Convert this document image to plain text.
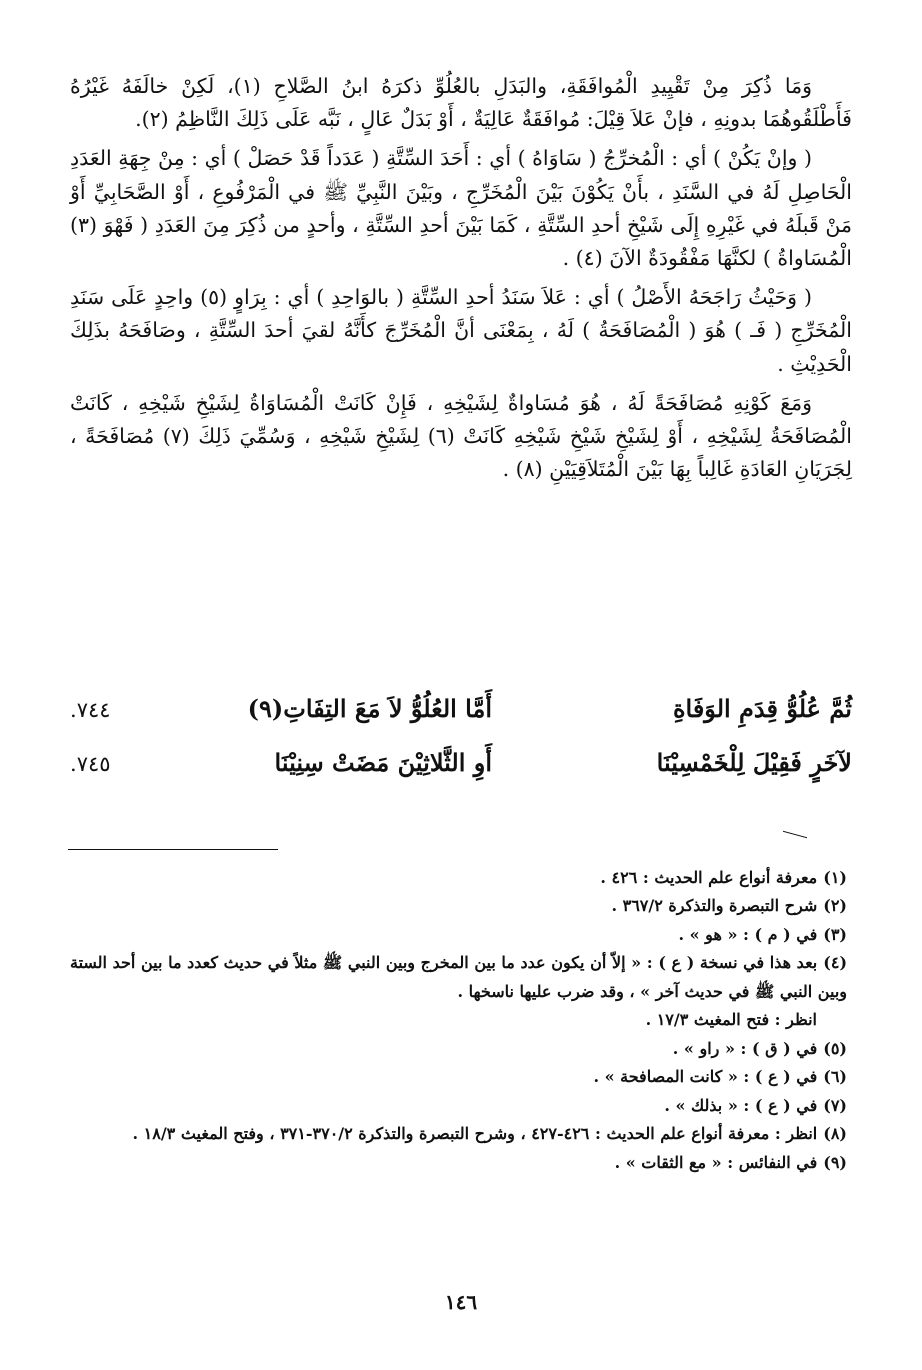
وَمَا ذُكِرَ مِنْ تَقْيِيدِ الْمُوافَقَةِ، والبَدَلِ بالعُلُوِّ ذكرَهُ ابنُ الصَّلاحِ (١)، لَكِنْ خالَفَهُ غَيْرُهُ فَأَطْلَقُوهُمَا بدونِهِ ، فإنْ عَلاَ قِيْلَ: مُوافَقَةٌ عَالِيَةٌ ، أَوْ بَدَلٌ عَالٍ ، نَبَّه عَلَى ذَلِكَ النَّاظِمُ (٢).

( وإنْ يَكُنْ ) أي : الْمُخرِّجُ ( سَاوَاهُ ) أي : أَحَدَ السِّتَّةِ ( عَدَداً قَدْ حَصَلْ ) أي : مِنْ جِهَةِ العَدَدِ الْحَاصِلِ لَهُ في السَّنَدِ ، بأَنْ يَكُوْنَ بَيْنَ الْمُخَرِّجِ ، وبَيْنَ النَّبِيِّ ﷺ في الْمَرْفُوعِ ، أَوْ الصَّحَابِيِّ أَوْ مَنْ قَبلَهُ في غَيْرِهِ إِلَى شَيْخِ أحدِ السِّتَّةِ ، كَمَا بَيْنَ أحدِ السِّتَّةِ ، وأحدٍ من ذُكِرَ مِنَ العَدَدِ ( فَهْوَ (٣) الْمُسَاواةُ ) لكنَّهَا مَفْقُودَةٌ الآنَ (٤) .

( وَحَيْثُ رَاجَحَهُ الأَصْلُ ) أي : عَلاَ سَنَدُ أحدِ السِّتَّةِ ( بالوَاحِدِ ) أي : بِرَاوٍ (٥) واحِدٍ عَلَى سَنَدِ الْمُخَرِّجِ ( فَـ ) هُوَ ( الْمُصَافَحَةُ ) لَهُ ، بِمَعْنَى أنَّ الْمُخَرِّجَ كأَنَّهُ لقيَ أحدَ السِّتَّةِ ، وصَافَحَهُ بذَلِكَ الْحَدِيْثِ .

وَمَعَ كَوْنِهِ مُصَافَحَةً لَهُ ، هُوَ مُسَاواةٌ لِشَيْخِهِ ، فَإِنْ كَانَتْ الْمُسَاوَاةُ لِشَيْخِ شَيْخِهِ ، كَانَتْ الْمُصَافَحَةُ لِشَيْخِهِ ، أَوْ لِشَيْخِ شَيْخِ شَيْخِهِ كَانَتْ (٦) لِشَيْخِ شَيْخِهِ ، وَسُمِّيَ ذَلِكَ (٧) مُصَافَحَةً ، لِجَرَيَانِ العَادَةِ غَالِباً بِهَا بَيْنَ الْمُتَلاَقِيَيْنِ (٨) .

ثُمَّ عُلُوُّ قِدَمِ الوَفَاةِ
أَمَّا العُلُوُّ لاَ مَعَ التِفَاتِ(٩)
٧٤٤.
لآخَرٍ فَقِيْلَ لِلْخَمْسِيْنَا
أَوِ الثَّلاثِيْنَ مَضَتْ سِنِيْنَا
٧٤٥.

(١)معرفة أنواع علم الحديث : ٤٢٦ .

(٢)شرح التبصرة والتذكرة ٣٦٧/٢ .

(٣)في ( م ) : « هو » .

(٤)بعد هذا في نسخة ( ع ) : « إلاّ أن يكون عدد ما بين المخرج وبين النبي ﷺ مثلاً في حديث كعدد ما بين أحد الستة وبين النبي ﷺ في حديث آخر » ، وقد ضرب عليها ناسخها .

انظر : فتح المغيث ١٧/٣ .

(٥)في ( ق ) : « راو » .

(٦)في ( ع ) : « كانت المصافحة » .

(٧)في ( ع ) : « بذلك » .

(٨)انظر : معرفة أنواع علم الحديث : ٤٢٦-٤٢٧ ، وشرح التبصرة والتذكرة ٣٧٠/٢-٣٧١ ، وفتح المغيث ١٨/٣ .

(٩)في النفائس : « مع الثقات » .

١٤٦
